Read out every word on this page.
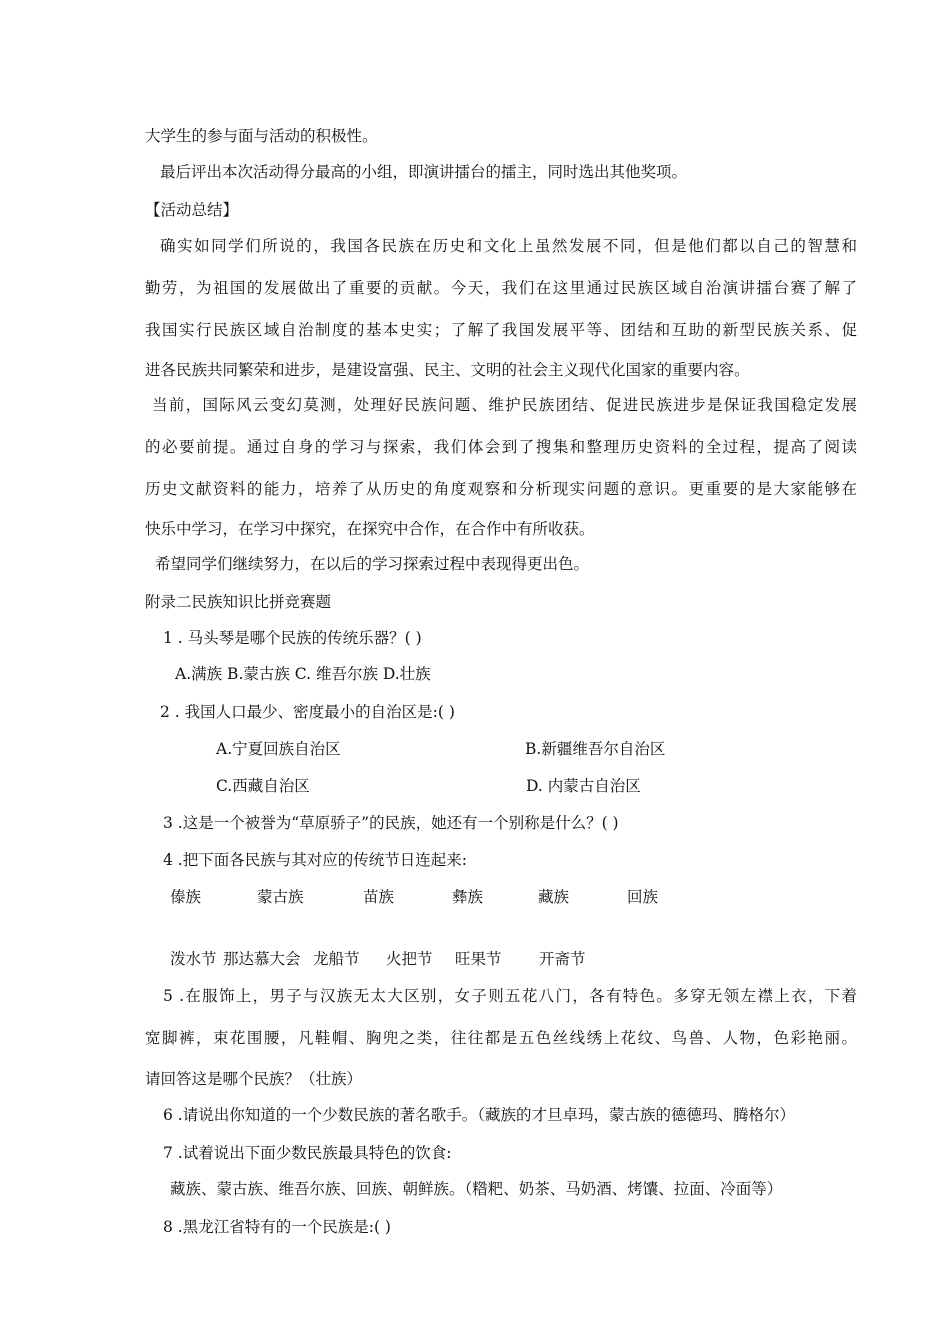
大学生的参与面与活动的积极性。
最后评出本次活动得分最高的小组，即演讲擂台的擂主，同时选出其他奖项。
【活动总结】
确实如同学们所说的，我国各民族在历史和文化上虽然发展不同，但是他们都以自己的智慧和
勤劳，为祖国的发展做出了重要的贡献。今天，我们在这里通过民族区域自治演讲擂台赛了解了
我国实行民族区域自治制度的基本史实；了解了我国发展平等、团结和互助的新型民族关系、促
进各民族共同繁荣和进步，是建设富强、民主、文明的社会主义现代化国家的重要内容。
当前，国际风云变幻莫测，处理好民族问题、维护民族团结、促进民族进步是保证我国稳定发展
的必要前提。通过自身的学习与探索，我们体会到了搜集和整理历史资料的全过程，提高了阅读
历史文献资料的能力，培养了从历史的角度观察和分析现实问题的意识。更重要的是大家能够在
快乐中学习，在学习中探究，在探究中合作，在合作中有所收获。
希望同学们继续努力，在以后的学习探索过程中表现得更出色。
附录二民族知识比拼竞赛题
1 . 马头琴是哪个民族的传统乐器？( )
A.满族 B.蒙古族 C. 维吾尔族 D.壮族
2 . 我国人口最少、密度最小的自治区是:( )
A.宁夏回族自治区	B.新疆维吾尔自治区
C.西藏自治区	D. 内蒙古自治区
3 .这是一个被誉为“草原骄子”的民族，她还有一个别称是什么？( )
4 .把下面各民族与其对应的传统节日连起来:
傣族	蒙古族	苗族	彝族	藏族	回族
泼水节 那达慕大会 龙船节 火把节 旺果节 开斋节
5 .在服饰上，男子与汉族无太大区别，女子则五花八门，各有特色。多穿无领左襟上衣，下着
宽脚裤，束花围腰，凡鞋帽、胸兜之类，往往都是五色丝线绣上花纹、鸟兽、人物，色彩艳丽。
请回答这是哪个民族？（壮族）
6 .请说出你知道的一个少数民族的著名歌手。（藏族的才旦卓玛，蒙古族的德德玛、腾格尔）
7 .试着说出下面少数民族最具特色的饮食:
藏族、蒙古族、维吾尔族、回族、朝鲜族。（糌粑、奶茶、马奶酒、烤馕、拉面、冷面等）
8 .黑龙江省特有的一个民族是:( )
